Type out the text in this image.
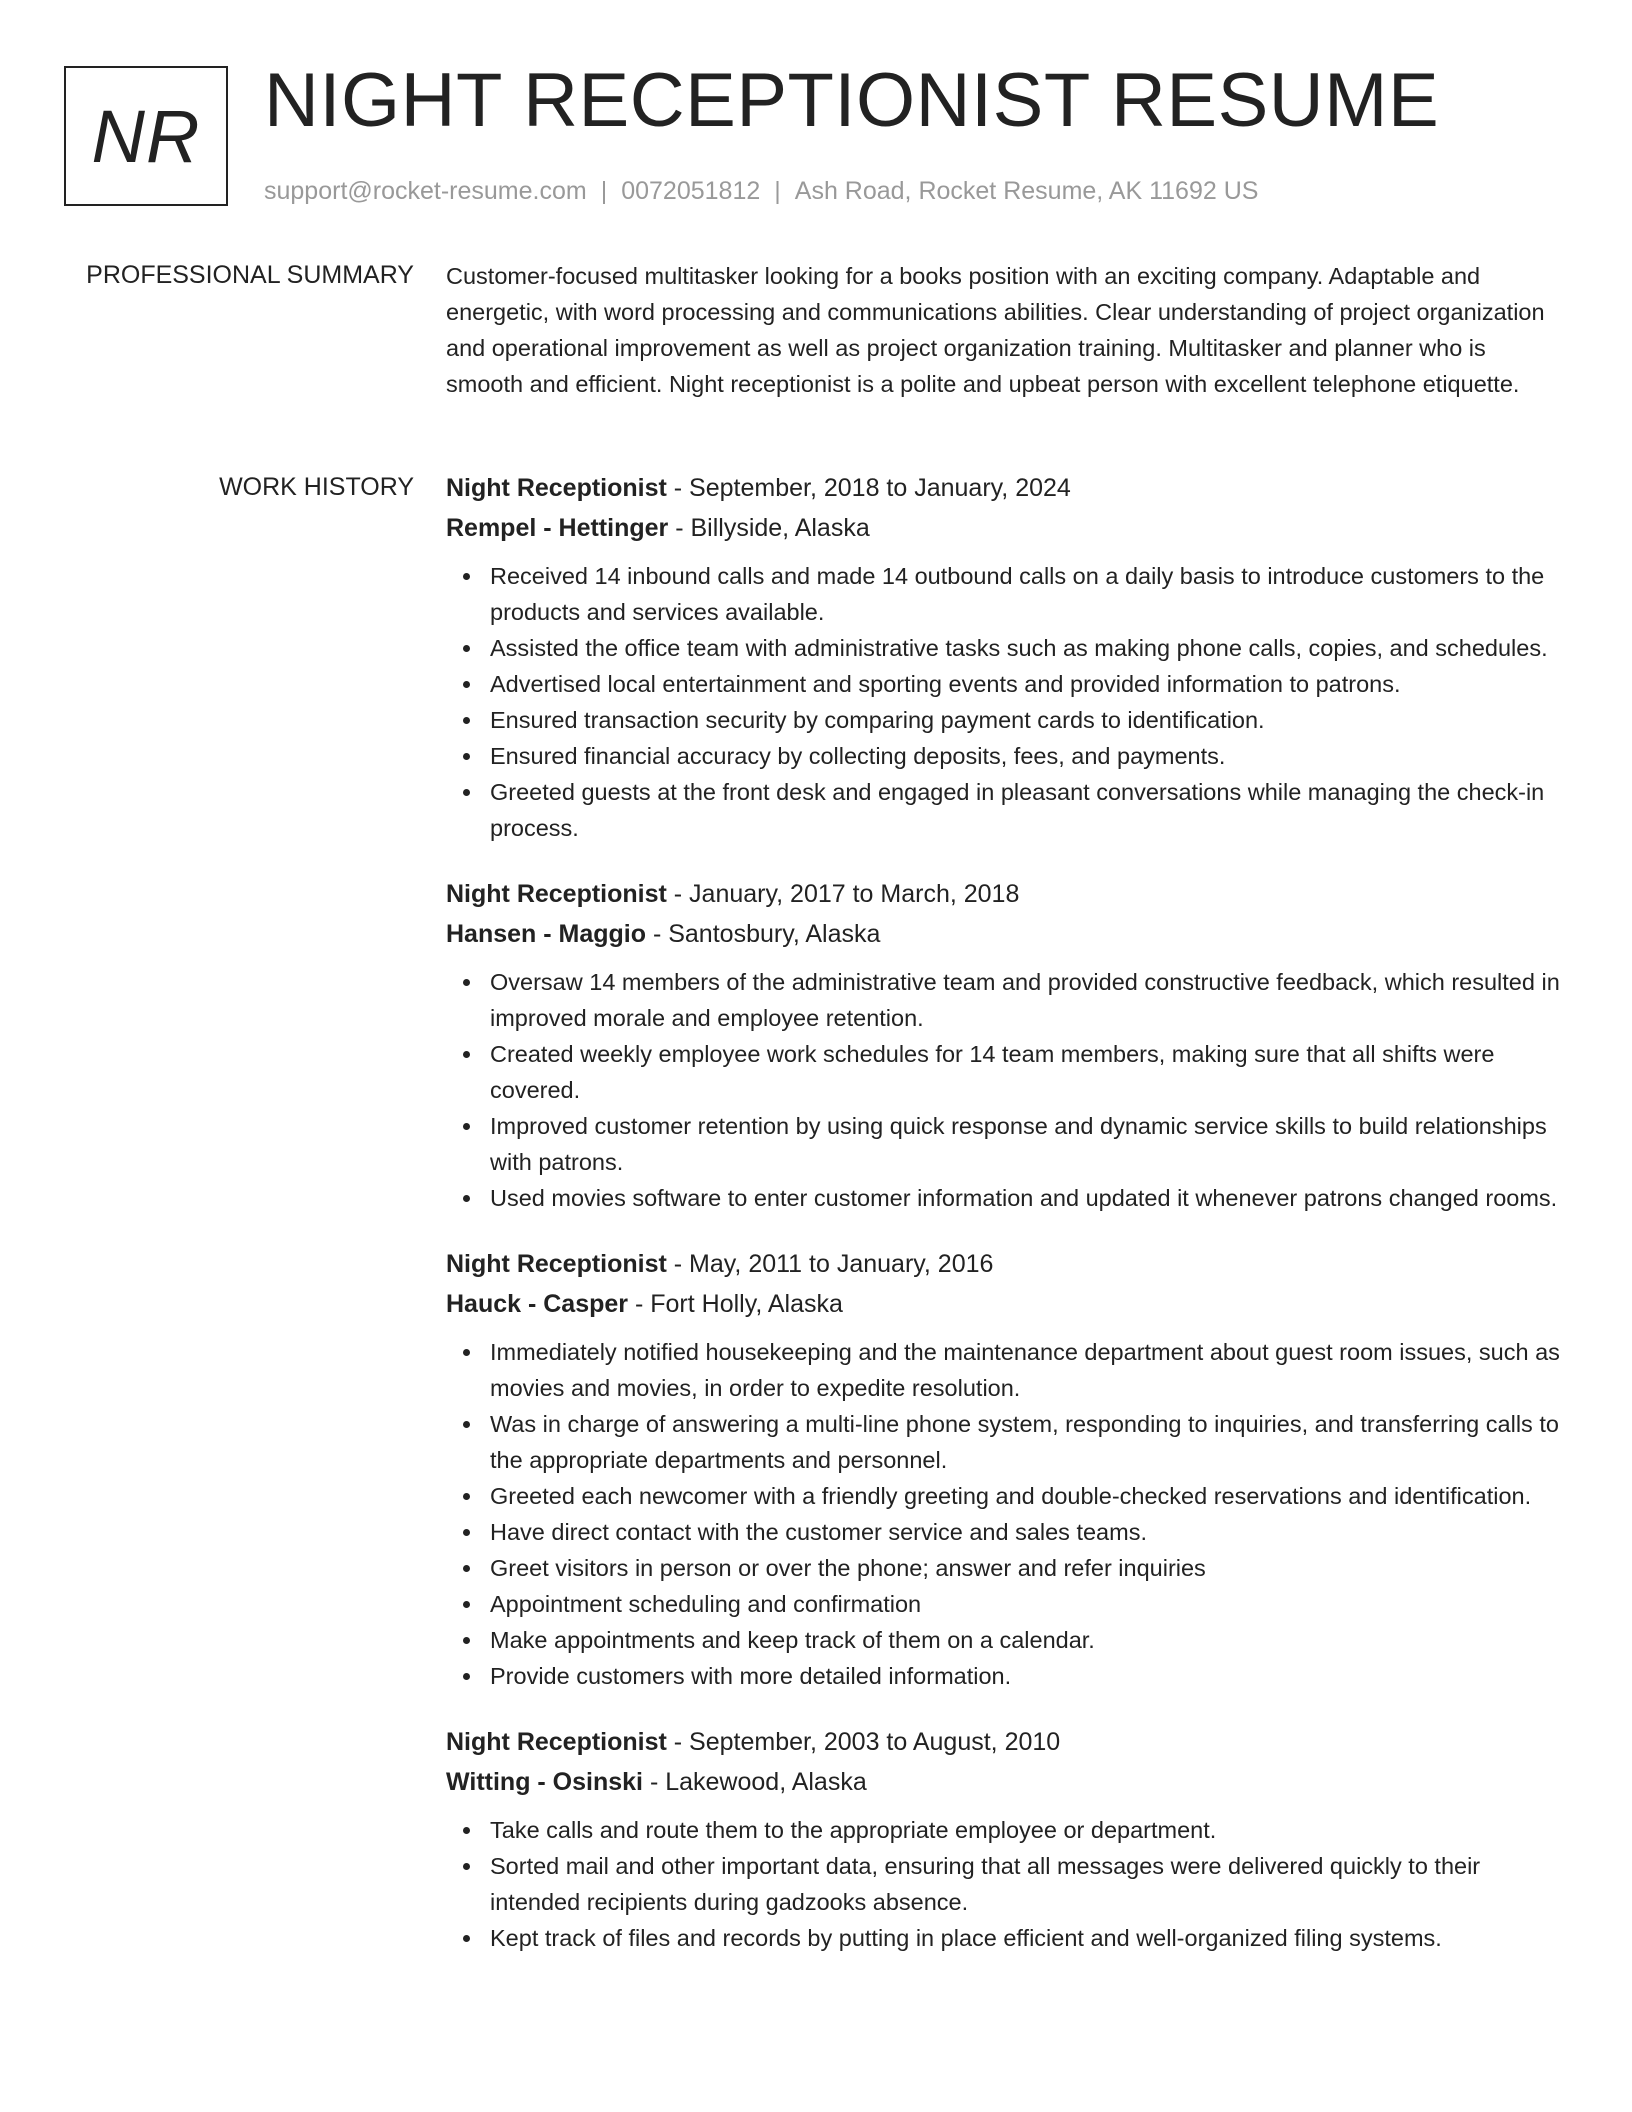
NR NIGHT RECEPTIONIST RESUME
support@rocket-resume.com | 0072051812 | Ash Road, Rocket Resume, AK 11692 US
PROFESSIONAL SUMMARY Customer-focused multitasker looking for a books position with an exciting company. Adaptable and energetic, with word processing and communications abilities. Clear understanding of project organization and operational improvement as well as project organization training. Multitasker and planner who is smooth and efficient. Night receptionist is a polite and upbeat person with excellent telephone etiquette.

WORK HISTORY Night Receptionist - September, 2018 to January, 2024
Rempel - Hettinger - Billyside, Alaska
Received 14 inbound calls and made 14 outbound calls on a daily basis to introduce customers to the products and services available.
Assisted the office team with administrative tasks such as making phone calls, copies, and schedules.
Advertised local entertainment and sporting events and provided information to patrons.
Ensured transaction security by comparing payment cards to identification.
Ensured financial accuracy by collecting deposits, fees, and payments.
Greeted guests at the front desk and engaged in pleasant conversations while managing the check-in process.
Night Receptionist - January, 2017 to March, 2018
Hansen - Maggio - Santosbury, Alaska
Oversaw 14 members of the administrative team and provided constructive feedback, which resulted in improved morale and employee retention.
Created weekly employee work schedules for 14 team members, making sure that all shifts were covered.
Improved customer retention by using quick response and dynamic service skills to build relationships with patrons.
Used movies software to enter customer information and updated it whenever patrons changed rooms.
Night Receptionist - May, 2011 to January, 2016
Hauck - Casper - Fort Holly, Alaska
Immediately notified housekeeping and the maintenance department about guest room issues, such as movies and movies, in order to expedite resolution.
Was in charge of answering a multi-line phone system, responding to inquiries, and transferring calls to the appropriate departments and personnel.
Greeted each newcomer with a friendly greeting and double-checked reservations and identification.
Have direct contact with the customer service and sales teams.
Greet visitors in person or over the phone; answer and refer inquiries
Appointment scheduling and confirmation
Make appointments and keep track of them on a calendar.
Provide customers with more detailed information.
Night Receptionist - September, 2003 to August, 2010
Witting - Osinski - Lakewood, Alaska
Take calls and route them to the appropriate employee or department.
Sorted mail and other important data, ensuring that all messages were delivered quickly to their intended recipients during gadzooks absence.
Kept track of files and records by putting in place efficient and well-organized filing systems.
